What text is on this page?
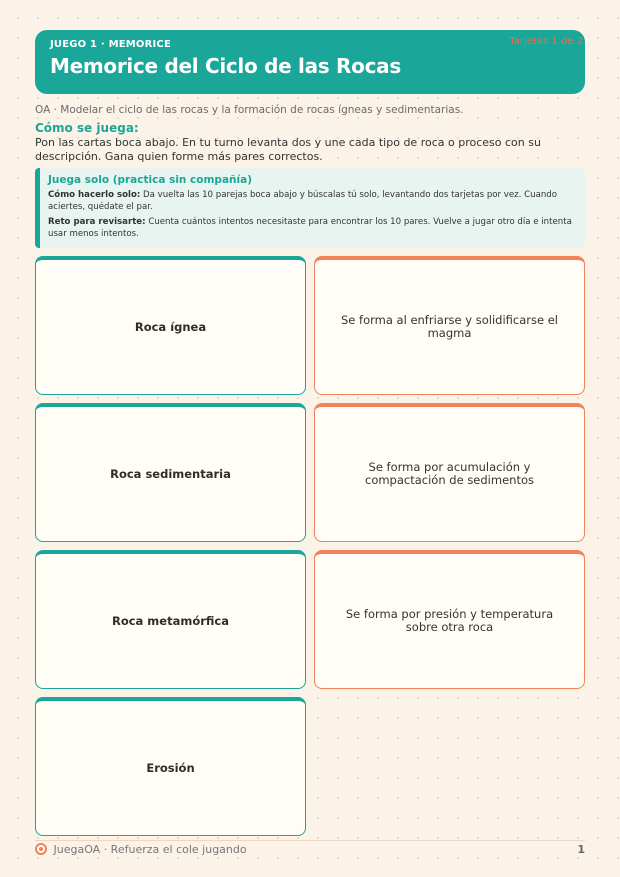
JUEGO 1 · MEMORICE
Memorice del Ciclo de las Rocas
Tarjetas 1 de 2
OA · Modelar el ciclo de las rocas y la formación de rocas ígneas y sedimentarias.
Cómo se juega:
Pon las cartas boca abajo. En tu turno levanta dos y une cada tipo de roca o proceso con su descripción. Gana quien forme más pares correctos.
Juega solo (practica sin compañía)

Cómo hacerlo solo: Da vuelta las 10 parejas boca abajo y búscalas tú solo, levantando dos tarjetas por vez. Cuando aciertes, quédate el par.

Reto para revisarte: Cuenta cuántos intentos necesitaste para encontrar los 10 pares. Vuelve a jugar otro día e intenta usar menos intentos.

Roca ígnea	Se forma al enfriarse y solidificarse el magma
Roca sedimentaria	Se forma por acumulación y compactación de sedimentos
Roca metamórfica	Se forma por presión y temperatura sobre otra roca
Erosión
JuegaOA · Refuerza el cole jugando	1
